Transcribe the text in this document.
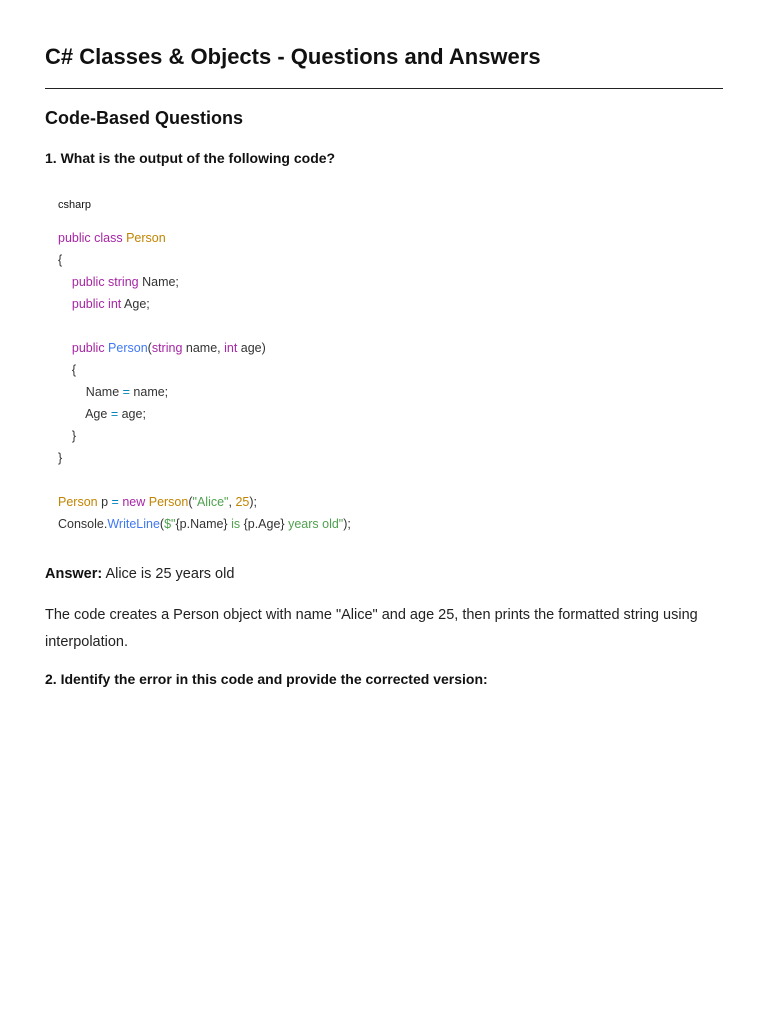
C# Classes & Objects - Questions and Answers
Code-Based Questions

1. What is the output of the following code?

csharp
public class Person
{
public string Name;
public int Age;
public Person(string name, int age)
{
Name = name;
Age = age;
}
}
Person p = new Person("Alice", 25);
Console.WriteLine($"{p.Name} is {p.Age} years old");

Answer: Alice is 25 years old

The code creates a Person object with name "Alice" and age 25, then prints the formatted string using interpolation.

2. Identify the error in this code and provide the corrected version:
